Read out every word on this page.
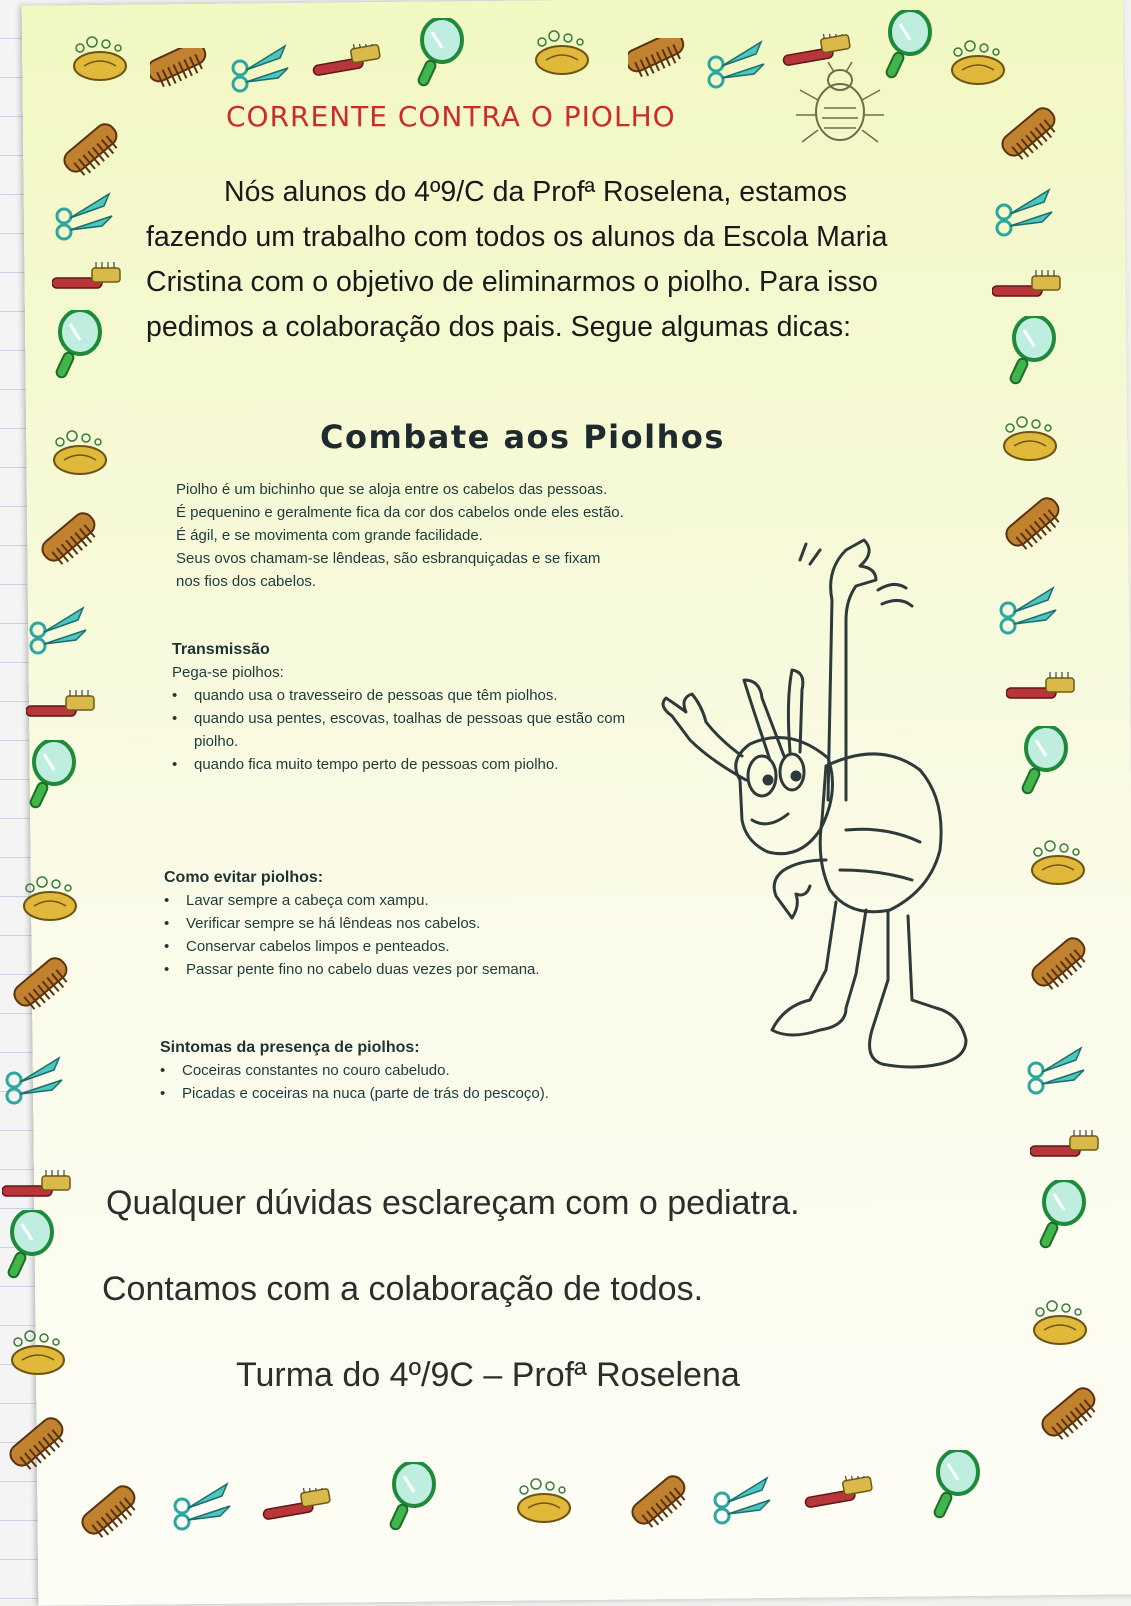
CORRENTE CONTRA O PIOLHO
Nós alunos do 4º9/C da Profª Roselena, estamos fazendo um trabalho com todos os alunos da Escola Maria Cristina com o objetivo de eliminarmos o piolho. Para isso pedimos a colaboração dos pais. Segue algumas dicas:
Combate aos Piolhos
Piolho é um bichinho que se aloja entre os cabelos das pessoas.
É pequenino e geralmente fica da cor dos cabelos onde eles estão.
É ágil, e se movimenta com grande facilidade.
Seus ovos chamam-se lêndeas, são esbranquiçadas e se fixam
nos fios dos cabelos.
Transmissão
Pega-se piolhos:
• quando usa o travesseiro de pessoas que têm piolhos.
• quando usa pentes, escovas, toalhas de pessoas que estão com piolho.
• quando fica muito tempo perto de pessoas com piolho.
Como evitar piolhos:
• Lavar sempre a cabeça com xampu.
• Verificar sempre se há lêndeas nos cabelos.
• Conservar cabelos limpos e penteados.
• Passar pente fino no cabelo duas vezes por semana.
Sintomas da presença de piolhos:
• Coceiras constantes no couro cabeludo.
• Picadas e coceiras na nuca (parte de trás do pescoço).
Qualquer dúvidas esclareçam com o pediatra.
Contamos com a colaboração de todos.
Turma do 4º/9C – Profª Roselena
